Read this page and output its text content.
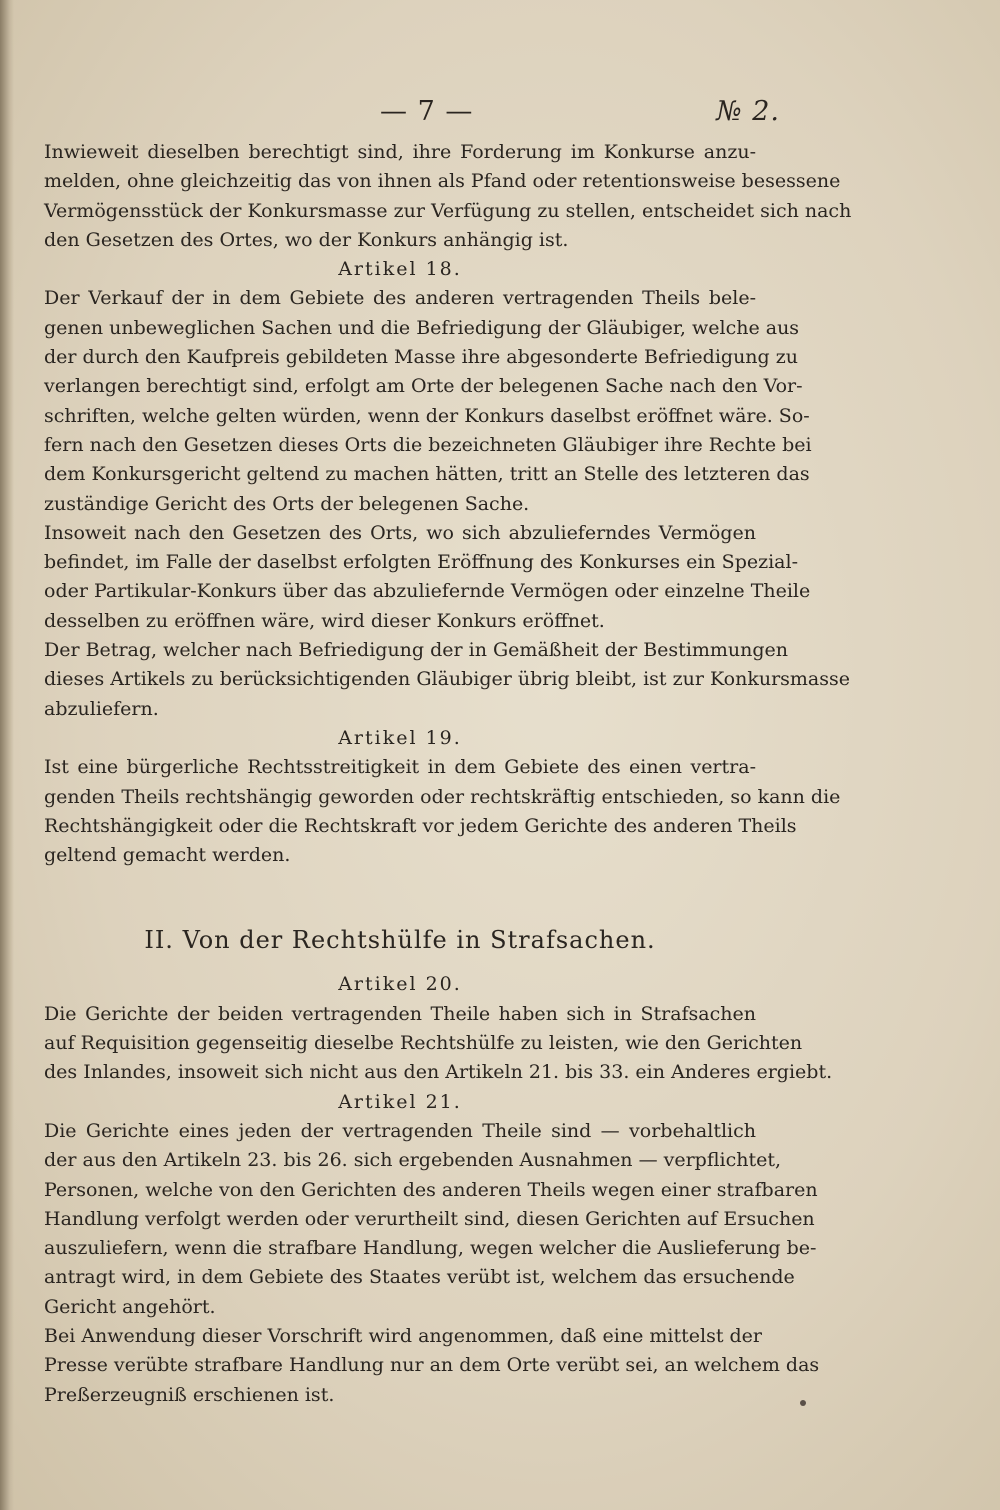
— 7 —	№ 2.
Inwieweit dieselben berechtigt sind, ihre Forderung im Konkurse anzu-
melden, ohne gleichzeitig das von ihnen als Pfand oder retentionsweise besessene
Vermögensstück der Konkursmasse zur Verfügung zu stellen, entscheidet sich nach
den Gesetzen des Ortes, wo der Konkurs anhängig ist.
Artikel 18.
Der Verkauf der in dem Gebiete des anderen vertragenden Theils bele-
genen unbeweglichen Sachen und die Befriedigung der Gläubiger, welche aus
der durch den Kaufpreis gebildeten Masse ihre abgesonderte Befriedigung zu
verlangen berechtigt sind, erfolgt am Orte der belegenen Sache nach den Vor-
schriften, welche gelten würden, wenn der Konkurs daselbst eröffnet wäre. So-
fern nach den Gesetzen dieses Orts die bezeichneten Gläubiger ihre Rechte bei
dem Konkursgericht geltend zu machen hätten, tritt an Stelle des letzteren das
zuständige Gericht des Orts der belegenen Sache.
Insoweit nach den Gesetzen des Orts, wo sich abzulieferndes Vermögen
befindet, im Falle der daselbst erfolgten Eröffnung des Konkurses ein Spezial-
oder Partikular-Konkurs über das abzuliefernde Vermögen oder einzelne Theile
desselben zu eröffnen wäre, wird dieser Konkurs eröffnet.
Der Betrag, welcher nach Befriedigung der in Gemäßheit der Bestimmungen
dieses Artikels zu berücksichtigenden Gläubiger übrig bleibt, ist zur Konkursmasse
abzuliefern.
Artikel 19.
Ist eine bürgerliche Rechtsstreitigkeit in dem Gebiete des einen vertra-
genden Theils rechtshängig geworden oder rechtskräftig entschieden, so kann die
Rechtshängigkeit oder die Rechtskraft vor jedem Gerichte des anderen Theils
geltend gemacht werden.
II. Von der Rechtshülfe in Strafsachen.
Artikel 20.
Die Gerichte der beiden vertragenden Theile haben sich in Strafsachen
auf Requisition gegenseitig dieselbe Rechtshülfe zu leisten, wie den Gerichten
des Inlandes, insoweit sich nicht aus den Artikeln 21. bis 33. ein Anderes ergiebt.
Artikel 21.
Die Gerichte eines jeden der vertragenden Theile sind — vorbehaltlich
der aus den Artikeln 23. bis 26. sich ergebenden Ausnahmen — verpflichtet,
Personen, welche von den Gerichten des anderen Theils wegen einer strafbaren
Handlung verfolgt werden oder verurtheilt sind, diesen Gerichten auf Ersuchen
auszuliefern, wenn die strafbare Handlung, wegen welcher die Auslieferung be-
antragt wird, in dem Gebiete des Staates verübt ist, welchem das ersuchende
Gericht angehört.
Bei Anwendung dieser Vorschrift wird angenommen, daß eine mittelst der
Presse verübte strafbare Handlung nur an dem Orte verübt sei, an welchem das
Preßerzeugniß erschienen ist.
